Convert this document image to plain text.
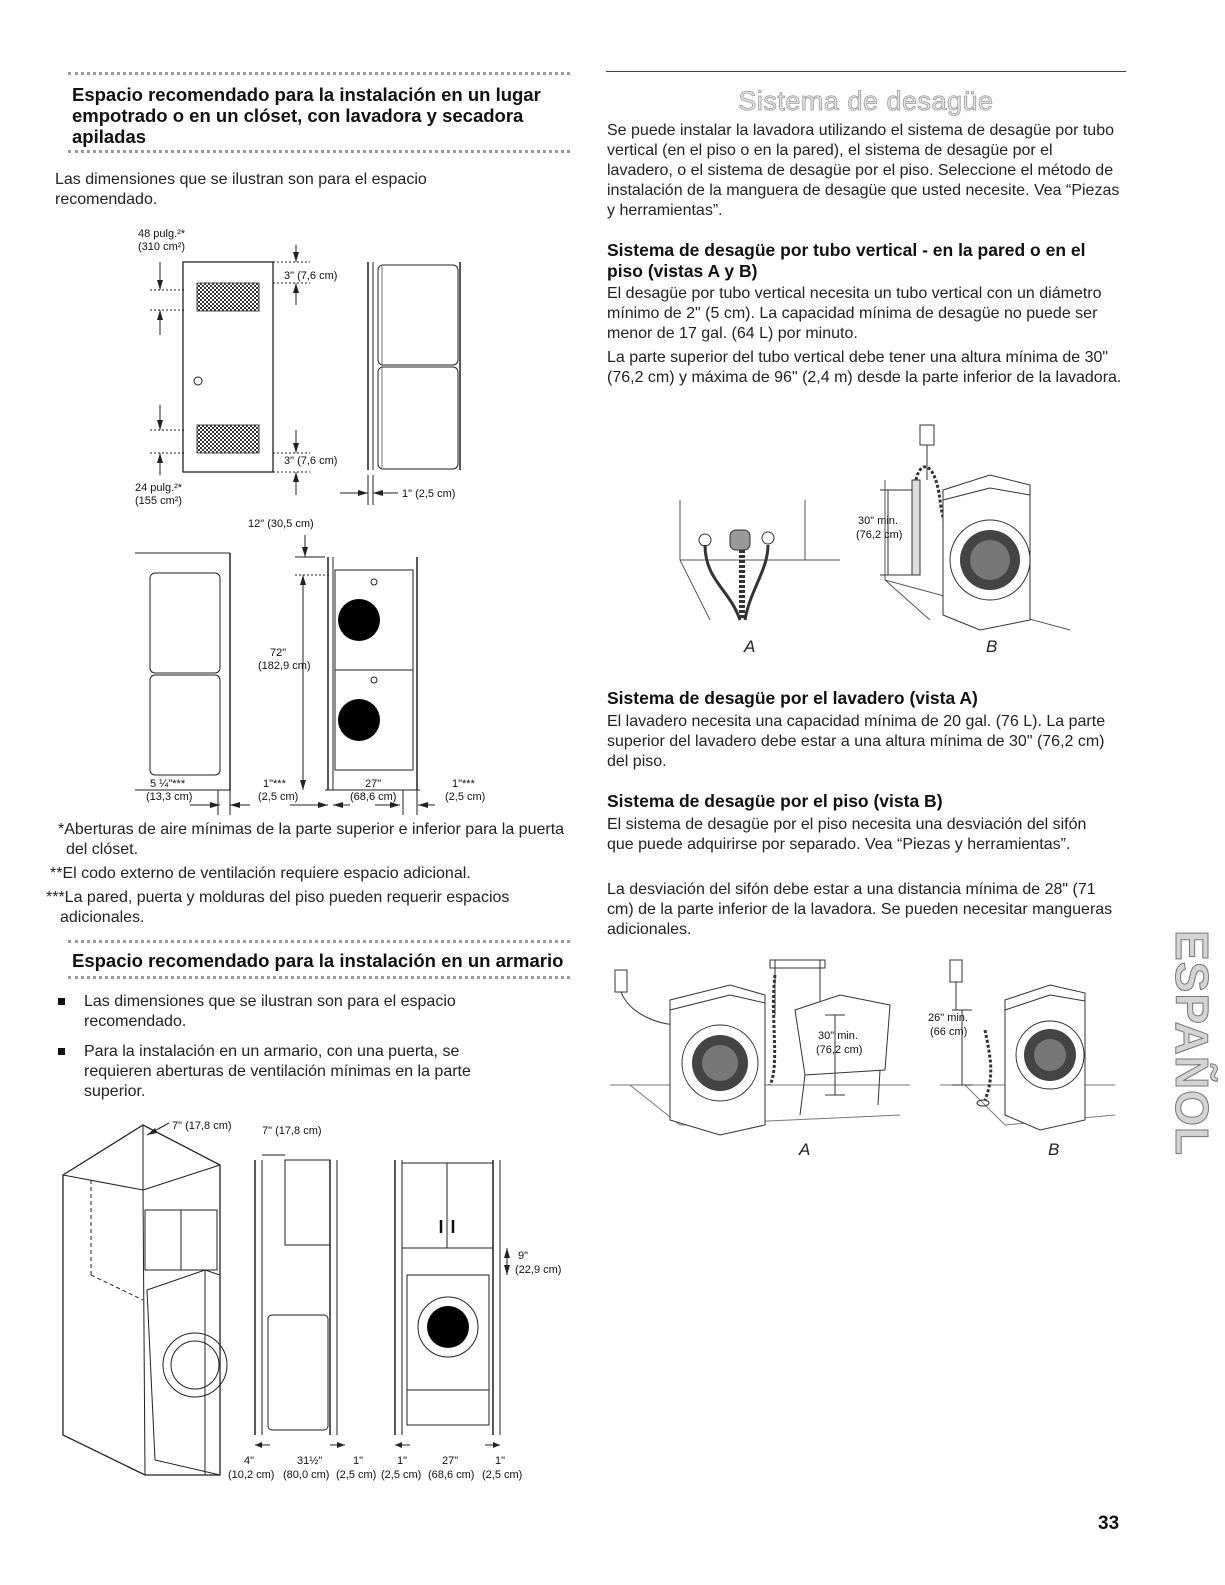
Espacio recomendado para la instalación en un lugar empotrado o en un clóset, con lavadora y secadora apiladas

Las dimensiones que se ilustran son para el espacio recomendado.

48 pulg.²*
(310 cm²)
3" (7,6 cm)
3" (7,6 cm)
24 pulg.²*
(155 cm²)
1" (2,5 cm)
12" (30,5 cm)
72"
(182,9 cm)
5 ¼"***
(13,3 cm)
1"***
(2,5 cm)
27"
(68,6 cm)
1"***
(2,5 cm)

*Aberturas de aire mínimas de la parte superior e inferior para la puerta del clóset.

**El codo externo de ventilación requiere espacio adicional.

***La pared, puerta y molduras del piso pueden requerir espacios adicionales.

Espacio recomendado para la instalación en un armario

Las dimensiones que se ilustran son para el espacio recomendado.

Para la instalación en un armario, con una puerta, se requieren aberturas de ventilación mínimas en la parte superior.

7" (17,8 cm)	7" (17,8 cm)
9"
(22,9 cm)
4"	31½"	1"	1"	27"	1"
(10,2 cm) (80,0 cm) (2,5 cm) (2,5 cm) (68,6 cm) (2,5 cm)
Sistema de desagüe

Se puede instalar la lavadora utilizando el sistema de desagüe por tubo vertical (en el piso o en la pared), el sistema de desagüe por el lavadero, o el sistema de desagüe por el piso. Seleccione el método de instalación de la manguera de desagüe que usted necesite. Vea “Piezas y herramientas”.

Sistema de desagüe por tubo vertical - en la pared o en el piso (vistas A y B)

El desagüe por tubo vertical necesita un tubo vertical con un diámetro mínimo de 2" (5 cm). La capacidad mínima de desagüe no puede ser menor de 17 gal. (64 L) por minuto.

La parte superior del tubo vertical debe tener una altura mínima de 30" (76,2 cm) y máxima de 96" (2,4 m) desde la parte inferior de la lavadora.

30" min.
(76,2 cm)
A	B
Sistema de desagüe por el lavadero (vista A)

El lavadero necesita una capacidad mínima de 20 gal. (76 L). La parte superior del lavadero debe estar a una altura mínima de 30" (76,2 cm) del piso.

Sistema de desagüe por el piso (vista B)

El sistema de desagüe por el piso necesita una desviación del sifón que puede adquirirse por separado. Vea “Piezas y herramientas”.

La desviación del sifón debe estar a una distancia mínima de 28" (71 cm) de la parte inferior de la lavadora. Se pueden necesitar mangueras adicionales.

30" min.
(76,2 cm)
26" min.
(66 cm)
A	B ESPAÑOL
33
